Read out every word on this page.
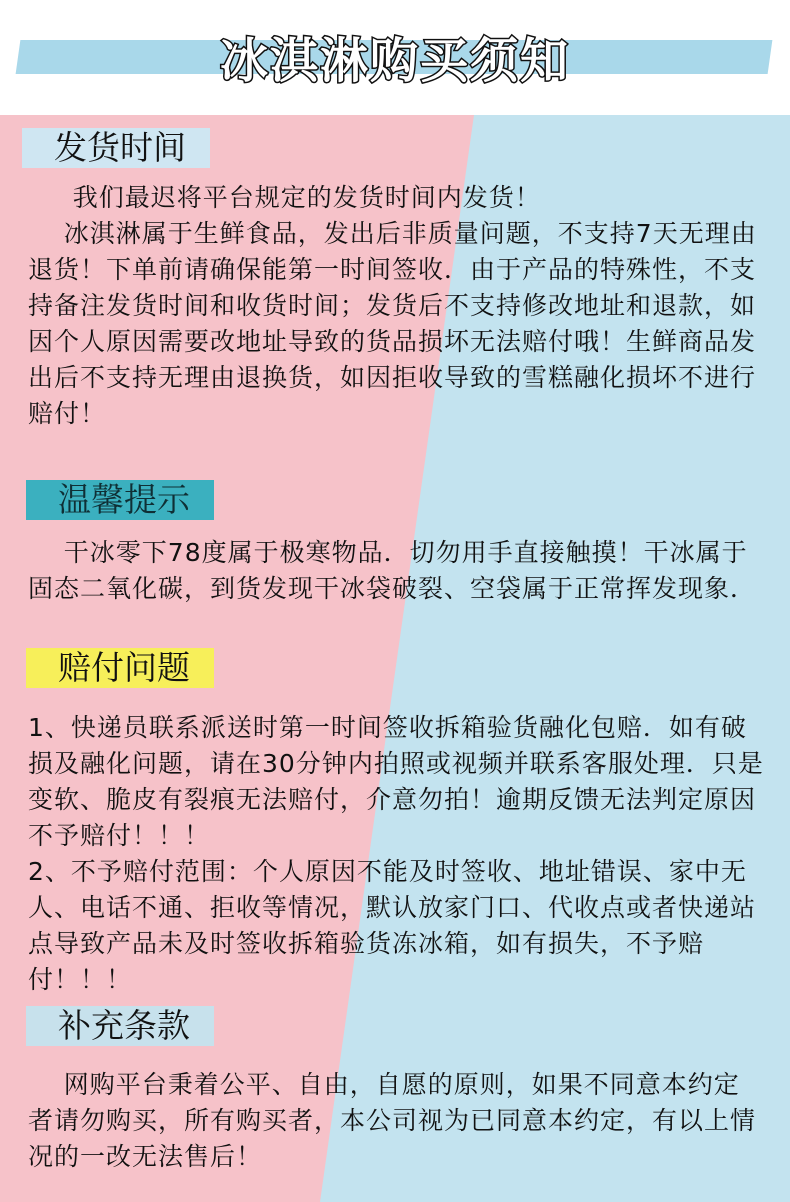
冰淇淋购买须知
发货时间

我们最迟将平台规定的发货时间内发货！
冰淇淋属于生鲜食品，发出后非质量问题，不支持7天无理由退货！下单前请确保能第一时间签收．由于产品的特殊性，不支持备注发货时间和收货时间；发货后不支持修改地址和退款，如因个人原因需要改地址导致的货品损坏无法赔付哦！生鲜商品发出后不支持无理由退换货，如因拒收导致的雪糕融化损坏不进行赔付！

温馨提示

干冰零下78度属于极寒物品．切勿用手直接触摸！干冰属于固态二氧化碳，到货发现干冰袋破裂、空袋属于正常挥发现象．

赔付问题

1、快递员联系派送时第一时间签收拆箱验货融化包赔．如有破损及融化问题，请在30分钟内拍照或视频并联系客服处理．只是变软、脆皮有裂痕无法赔付，介意勿拍！逾期反馈无法判定原因不予赔付！！！
2、不予赔付范围：个人原因不能及时签收、地址错误、家中无人、电话不通、拒收等情况，默认放家门口、代收点或者快递站点导致产品未及时签收拆箱验货冻冰箱，如有损失，不予赔付！！！

补充条款

网购平台秉着公平、自由，自愿的原则，如果不同意本约定者请勿购买，所有购买者，本公司视为已同意本约定，有以上情况的一改无法售后！
